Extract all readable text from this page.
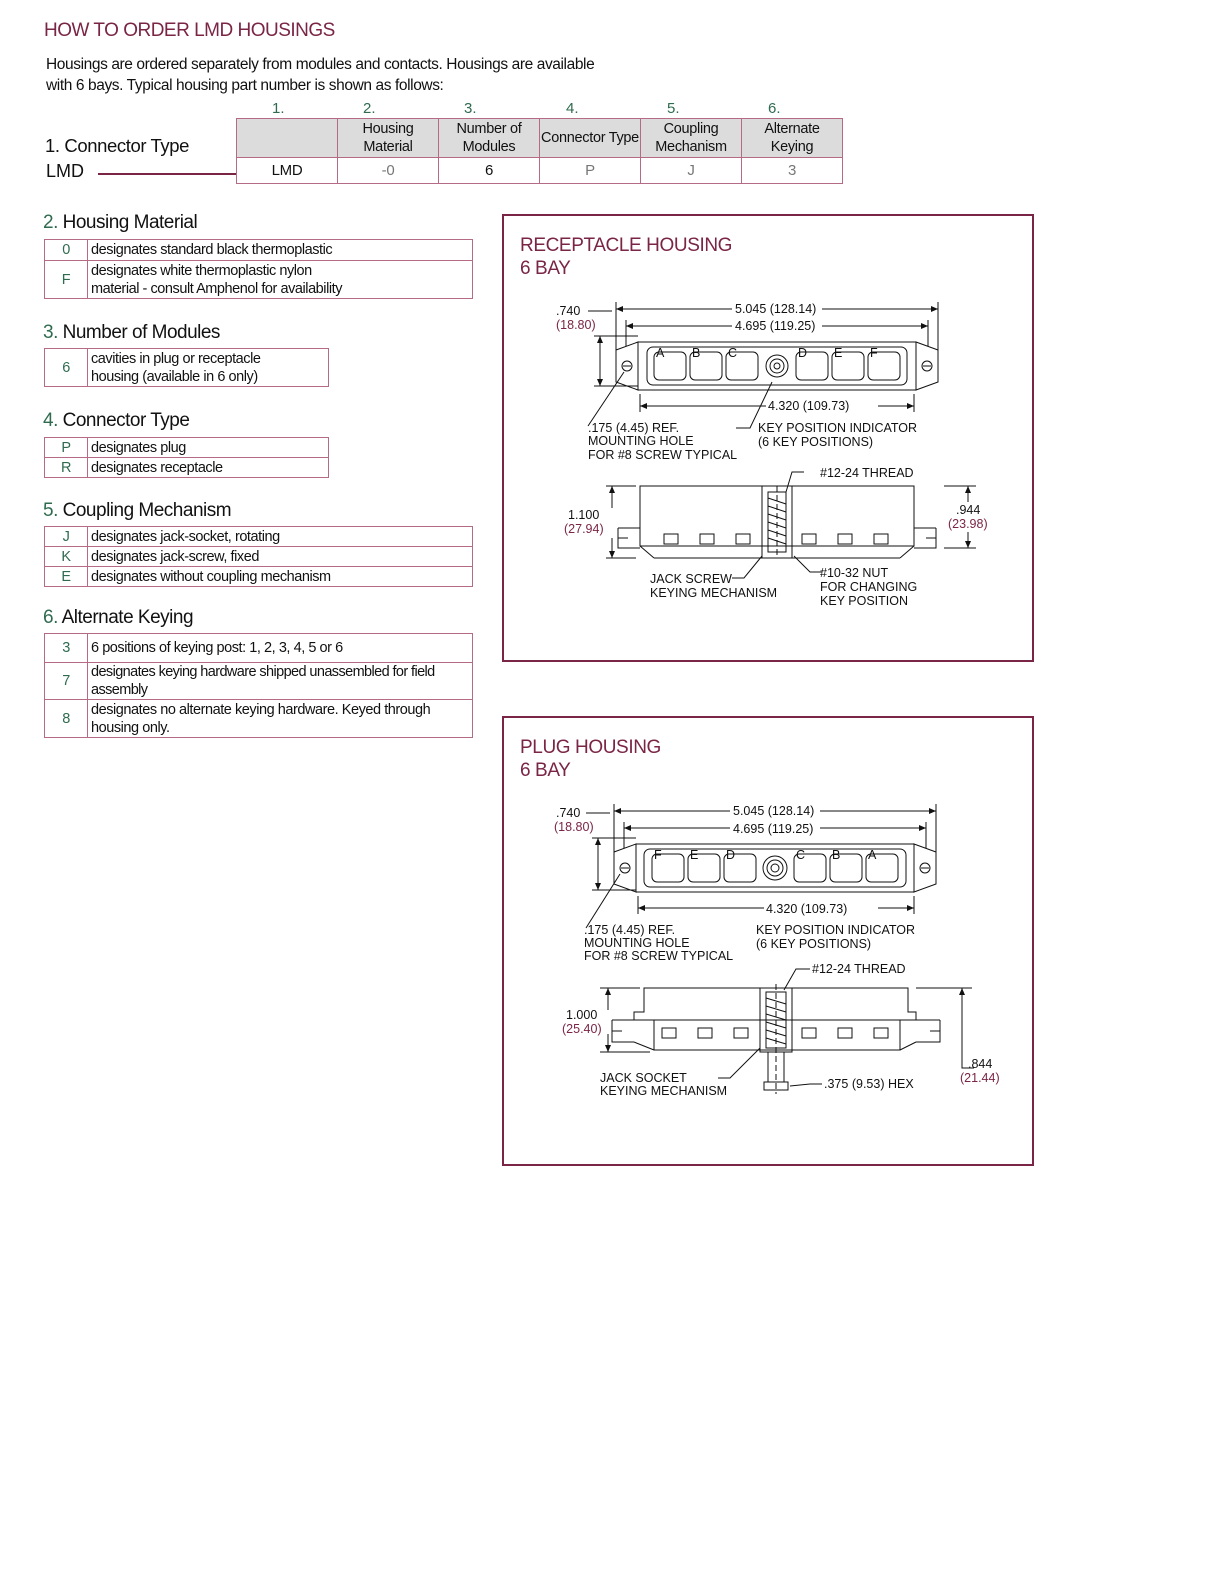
HOW TO ORDER LMD HOUSINGS
Housings are ordered separately from modules and contacts. Housings are available with 6 bays. Typical housing part number is shown as follows:
1.	2.	3.	4.	5.	6.
	Housing Material	Number of Modules	Connector Type	Coupling Mechanism	Alternate Keying
LMD	-0	6	P	J	3
1. Connector Type
LMD
2. Housing Material
0	designates standard black thermoplastic
F	designates white thermoplastic nylon material - consult Amphenol for availability
3. Number of Modules
6	cavities in plug or receptacle housing (available in 6 only)
4. Connector Type
P	designates plug
R	designates receptacle
5. Coupling Mechanism
J	designates jack-socket, rotating
K	designates jack-screw, fixed
E	designates without coupling mechanism
6. Alternate Keying
3	6 positions of keying post: 1, 2, 3, 4, 5 or 6
7	designates keying hardware shipped unassembled for field assembly
8	designates no alternate keying hardware. Keyed through housing only.
RECEPTACLE HOUSING
6 BAY
A B C	D E F
.740
(18.80)
5.045 (128.14)
4.695 (119.25)
4.320 (109.73)
.175 (4.45) REF.
MOUNTING HOLE
FOR #8 SCREW TYPICAL
KEY POSITION INDICATOR
(6 KEY POSITIONS)
#12-24 THREAD
1.100
(27.94)
.944
(23.98)
JACK SCREW
KEYING MECHANISM
#10-32 NUT
FOR CHANGING
KEY POSITION
PLUG HOUSING
6 BAY
F E D	C B A
.740
(18.80)
5.045 (128.14)
4.695 (119.25)
4.320 (109.73)
.175 (4.45) REF.
MOUNTING HOLE
FOR #8 SCREW TYPICAL
KEY POSITION INDICATOR
(6 KEY POSITIONS)
#12-24 THREAD
1.000
(25.40)
.844
(21.44)
JACK SOCKET
KEYING MECHANISM	.375 (9.53) HEX
